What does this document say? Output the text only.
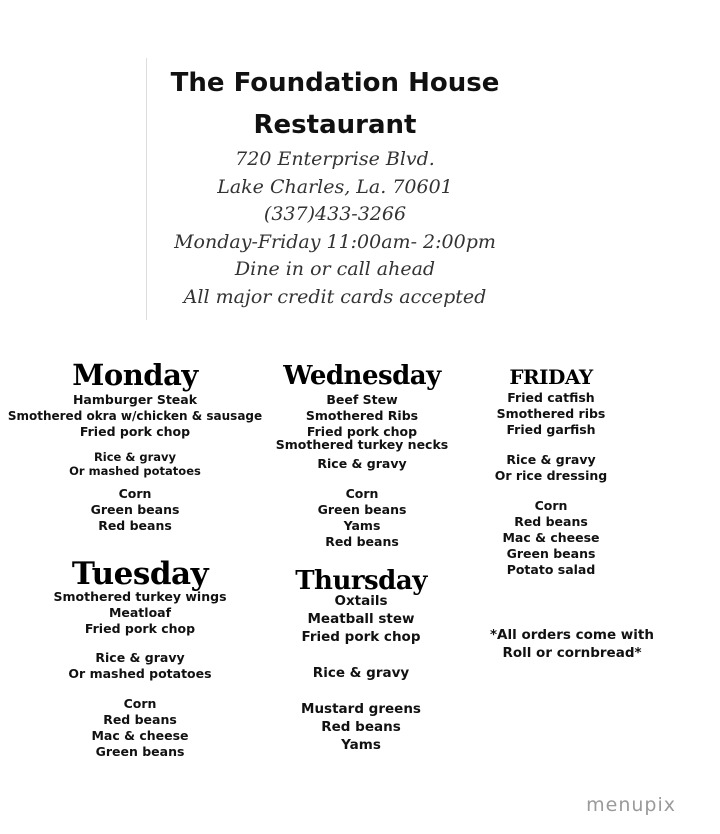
The Foundation House
Restaurant
720 Enterprise Blvd.
Lake Charles, La. 70601
(337)433-3266
Monday-Friday 11:00am- 2:00pm
Dine in or call ahead
All major credit cards accepted
Monday
Hamburger Steak
Smothered okra w/chicken & sausage
Fried pork chop
Rice & gravy
Or mashed potatoes
Corn
Green beans
Red beans
Tuesday
Smothered turkey wings
Meatloaf
Fried pork chop
Rice & gravy
Or mashed potatoes
Corn
Red beans
Mac & cheese
Green beans
Wednesday
Beef Stew
Smothered Ribs
Fried pork chop
Smothered turkey necks
Rice & gravy
Corn
Green beans
Yams
Red beans
Thursday
Oxtails
Meatball stew
Fried pork chop
Rice & gravy
Mustard greens
Red beans
Yams
FRIDAY
Fried catfish
Smothered ribs
Fried garfish
Rice & gravy
Or rice dressing
Corn
Red beans
Mac & cheese
Green beans
Potato salad
*All orders come with
Roll or cornbread*
menupix
